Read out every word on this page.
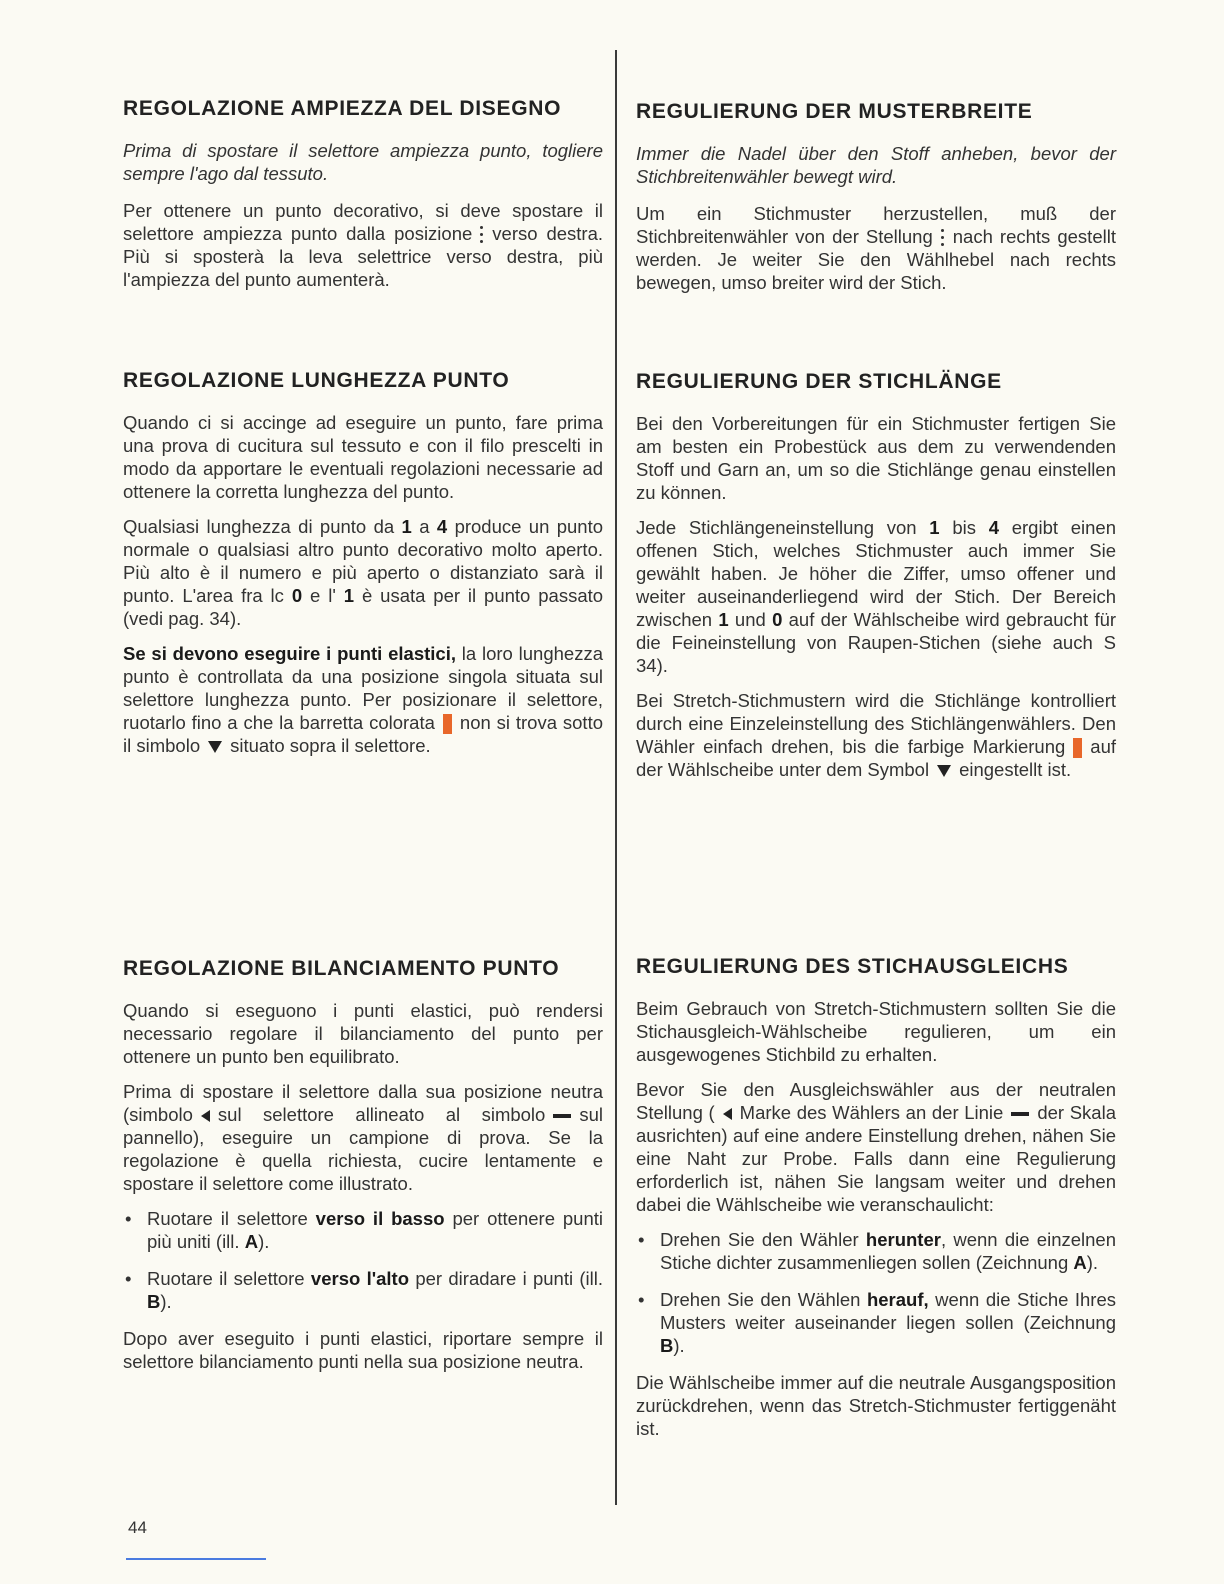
REGOLAZIONE AMPIEZZA DEL DISEGNO

Prima di spostare il selettore ampiezza punto, togliere sempre l'ago dal tessuto.

Per ottenere un punto decorativo, si deve spostare il selettore ampiezza punto dalla posizione verso destra. Più si sposterà la leva selettrice verso destra, più l'ampiezza del punto aumenterà.

REGOLAZIONE LUNGHEZZA PUNTO

Quando ci si accinge ad eseguire un punto, fare prima una prova di cucitura sul tessuto e con il filo prescelti in modo da apportare le eventuali regolazioni necessarie ad ottenere la corretta lunghezza del punto.

Qualsiasi lunghezza di punto da 1 a 4 produce un punto normale o qualsiasi altro punto decorativo molto aperto. Più alto è il numero e più aperto o distanziato sarà il punto. L'area fra lc 0 e l' 1 è usata per il punto passato (vedi pag. 34).

Se si devono eseguire i punti elastici, la loro lunghezza punto è controllata da una posizione singola situata sul selettore lunghezza punto. Per posizionare il selettore, ruotarlo fino a che la barretta colorata non si trova sotto il simbolo situato sopra il selettore.

REGOLAZIONE BILANCIAMENTO PUNTO

Quando si eseguono i punti elastici, può rendersi necessario regolare il bilanciamento del punto per ottenere un punto ben equilibrato.

Prima di spostare il selettore dalla sua posizione neutra (simbolo sul selettore allineato al simbolo sul pannello), eseguire un campione di prova. Se la regolazione è quella richiesta, cucire lentamente e spostare il selettore come illustrato.

• Ruotare il selettore verso il basso per ottenere punti più uniti (ill. A).
• Ruotare il selettore verso l'alto per diradare i punti (ill. B).

Dopo aver eseguito i punti elastici, riportare sempre il selettore bilanciamento punti nella sua posizione neutra.

REGULIERUNG DER MUSTERBREITE

Immer die Nadel über den Stoff anheben, bevor der Stichbreitenwähler bewegt wird.

Um ein Stichmuster herzustellen, muß der Stichbreitenwähler von der Stellung nach rechts gestellt werden. Je weiter Sie den Wählhebel nach rechts bewegen, umso breiter wird der Stich.

REGULIERUNG DER STICHLÄNGE

Bei den Vorbereitungen für ein Stichmuster fertigen Sie am besten ein Probestück aus dem zu verwendenden Stoff und Garn an, um so die Stichlänge genau einstellen zu können.

Jede Stichlängeneinstellung von 1 bis 4 ergibt einen offenen Stich, welches Stichmuster auch immer Sie gewählt haben. Je höher die Ziffer, umso offener und weiter auseinanderliegend wird der Stich. Der Bereich zwischen 1 und 0 auf der Wählscheibe wird gebraucht für die Feineinstellung von Raupen-Stichen (siehe auch S 34).

Bei Stretch-Stichmustern wird die Stichlänge kontrolliert durch eine Einzeleinstellung des Stichlängenwählers. Den Wähler einfach drehen, bis die farbige Markierung auf der Wählscheibe unter dem Symbol eingestellt ist.

REGULIERUNG DES STICHAUSGLEICHS

Beim Gebrauch von Stretch-Stichmustern sollten Sie die Stichausgleich-Wählscheibe regulieren, um ein ausgewogenes Stichbild zu erhalten.

Bevor Sie den Ausgleichswähler aus der neutralen Stellung ( Marke des Wählers an der Linie der Skala ausrichten) auf eine andere Einstellung drehen, nähen Sie eine Naht zur Probe. Falls dann eine Regulierung erforderlich ist, nähen Sie langsam weiter und drehen dabei die Wählscheibe wie veranschaulicht:

• Drehen Sie den Wähler herunter, wenn die einzelnen Stiche dichter zusammenliegen sollen (Zeichnung A).
• Drehen Sie den Wählen herauf, wenn die Stiche Ihres Musters weiter auseinander liegen sollen (Zeichnung B).

Die Wählscheibe immer auf die neutrale Ausgangsposition zurückdrehen, wenn das Stretch-Stichmuster fertiggenäht ist.

44
